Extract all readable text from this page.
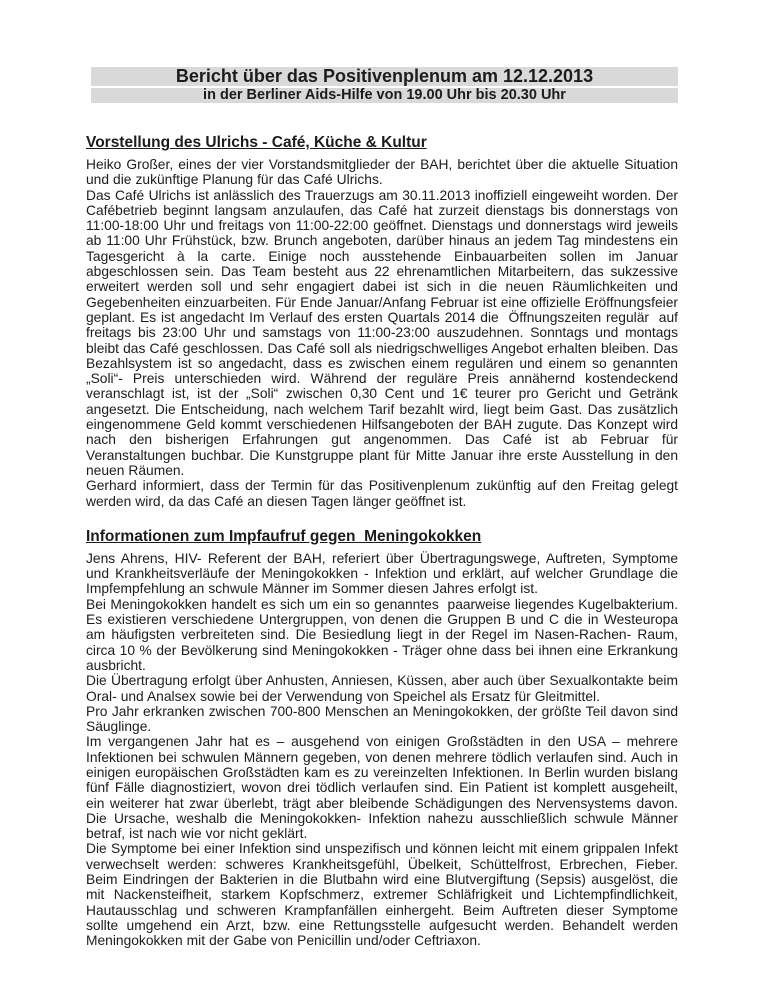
Bericht über das Positivenplenum am 12.12.2013
in der Berliner Aids-Hilfe von 19.00 Uhr bis 20.30 Uhr
Vorstellung des Ulrichs - Café, Küche & Kultur

Heiko Großer, eines der vier Vorstandsmitglieder der BAH, berichtet über die aktuelle Situation und die zukünftige Planung für das Café Ulrichs.

Das Café Ulrichs ist anlässlich des Trauerzugs am 30.11.2013 inoffiziell eingeweiht worden. Der  Cafébetrieb beginnt langsam anzulaufen, das Café hat zurzeit dienstags bis donnerstags von 11:00-18:00 Uhr und freitags von 11:00-22:00 geöffnet. Dienstags und donnerstags wird jeweils ab 11:00 Uhr Frühstück, bzw. Brunch angeboten, darüber hinaus an jedem Tag mindestens ein Tagesgericht à la carte. Einige noch ausstehende Einbauarbeiten sollen im Januar abgeschlossen sein. Das Team besteht aus 22 ehrenamtlichen Mitarbeitern, das sukzessive erweitert werden soll und sehr engagiert dabei ist sich in die neuen Räumlichkeiten und Gegebenheiten einzuarbeiten. Für Ende Januar/Anfang Februar ist eine offizielle Eröffnungsfeier geplant. Es ist angedacht Im Verlauf des ersten Quartals 2014 die  Öffnungszeiten regulär  auf freitags bis 23:00 Uhr und samstags von 11:00-23:00 auszudehnen. Sonntags und montags bleibt das Café geschlossen. Das Café soll als niedrigschwelliges Angebot erhalten bleiben. Das Bezahlsystem ist so angedacht, dass es zwischen einem regulären und einem so genannten „Soli“- Preis unterschieden wird. Während der reguläre Preis annähernd kostendeckend veranschlagt ist, ist der „Soli“ zwischen 0,30 Cent und 1€ teurer pro Gericht und Getränk angesetzt. Die Entscheidung, nach welchem Tarif bezahlt wird, liegt beim Gast. Das zusätzlich eingenommene Geld kommt verschiedenen Hilfsangeboten der BAH zugute. Das Konzept wird nach den bisherigen Erfahrungen gut angenommen. Das Café ist ab Februar für Veranstaltungen buchbar. Die Kunstgruppe plant für Mitte Januar ihre erste Ausstellung in den neuen Räumen.

Gerhard informiert, dass der Termin für das Positivenplenum zukünftig auf den Freitag gelegt werden wird, da das Café an diesen Tagen länger geöffnet ist.

Informationen zum Impfaufruf gegen  Meningokokken

Jens Ahrens, HIV- Referent der BAH, referiert über Übertragungswege, Auftreten, Symptome und Krankheitsverläufe der Meningokokken - Infektion und erklärt, auf welcher Grundlage die Impfempfehlung an schwule Männer im Sommer diesen Jahres erfolgt ist.

Bei Meningokokken handelt es sich um ein so genanntes  paarweise liegendes Kugelbakterium. Es existieren verschiedene Untergruppen, von denen die Gruppen B und C die in Westeuropa am häufigsten verbreiteten sind. Die Besiedlung liegt in der Regel im Nasen-Rachen- Raum, circa 10 % der Bevölkerung sind Meningokokken - Träger ohne dass bei ihnen eine Erkrankung ausbricht.

Die Übertragung erfolgt über Anhusten, Anniesen, Küssen, aber auch über Sexualkontakte beim Oral- und Analsex sowie bei der Verwendung von Speichel als Ersatz für Gleitmittel.

Pro Jahr erkranken zwischen 700-800 Menschen an Meningokokken, der größte Teil davon sind Säuglinge.

Im vergangenen Jahr hat es – ausgehend von einigen Großstädten in den USA – mehrere Infektionen bei schwulen Männern gegeben, von denen mehrere tödlich verlaufen sind. Auch in einigen europäischen Großstädten kam es zu vereinzelten Infektionen. In Berlin wurden bislang fünf Fälle diagnostiziert, wovon drei tödlich verlaufen sind. Ein Patient ist komplett ausgeheilt, ein weiterer hat zwar überlebt, trägt aber bleibende Schädigungen des Nervensystems davon. Die Ursache, weshalb die Meningokokken- Infektion nahezu ausschließlich schwule Männer betraf, ist nach wie vor nicht geklärt.

Die Symptome bei einer Infektion sind unspezifisch und können leicht mit einem grippalen Infekt verwechselt werden: schweres Krankheitsgefühl, Übelkeit, Schüttelfrost, Erbrechen, Fieber. Beim Eindringen der Bakterien in die Blutbahn wird eine Blutvergiftung (Sepsis) ausgelöst, die mit Nackensteifheit, starkem Kopfschmerz, extremer Schläfrigkeit und Lichtempfindlichkeit, Hautausschlag und schweren Krampfanfällen einhergeht. Beim Auftreten dieser Symptome sollte umgehend ein Arzt, bzw. eine Rettungsstelle aufgesucht werden. Behandelt werden Meningokokken mit der Gabe von Penicillin und/oder Ceftriaxon.
